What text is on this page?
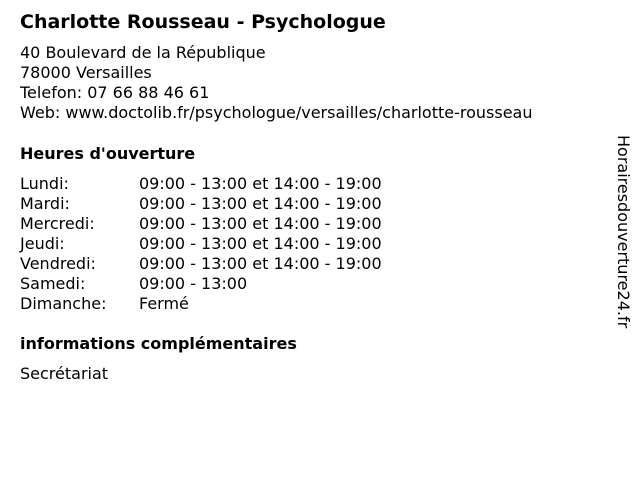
Charlotte Rousseau - Psychologue
40 Boulevard de la République
78000 Versailles
Telefon: 07 66 88 46 61
Web: www.doctolib.fr/psychologue/versailles/charlotte-rousseau
Heures d'ouverture
Lundi:	09:00 - 13:00 et 14:00 - 19:00
Mardi:	09:00 - 13:00 et 14:00 - 19:00
Mercredi:	09:00 - 13:00 et 14:00 - 19:00
Jeudi:	09:00 - 13:00 et 14:00 - 19:00
Vendredi:	09:00 - 13:00 et 14:00 - 19:00
Samedi:	09:00 - 13:00
Dimanche: Fermé
informations complémentaires
Secrétariat
Horairesdouverture24.fr
